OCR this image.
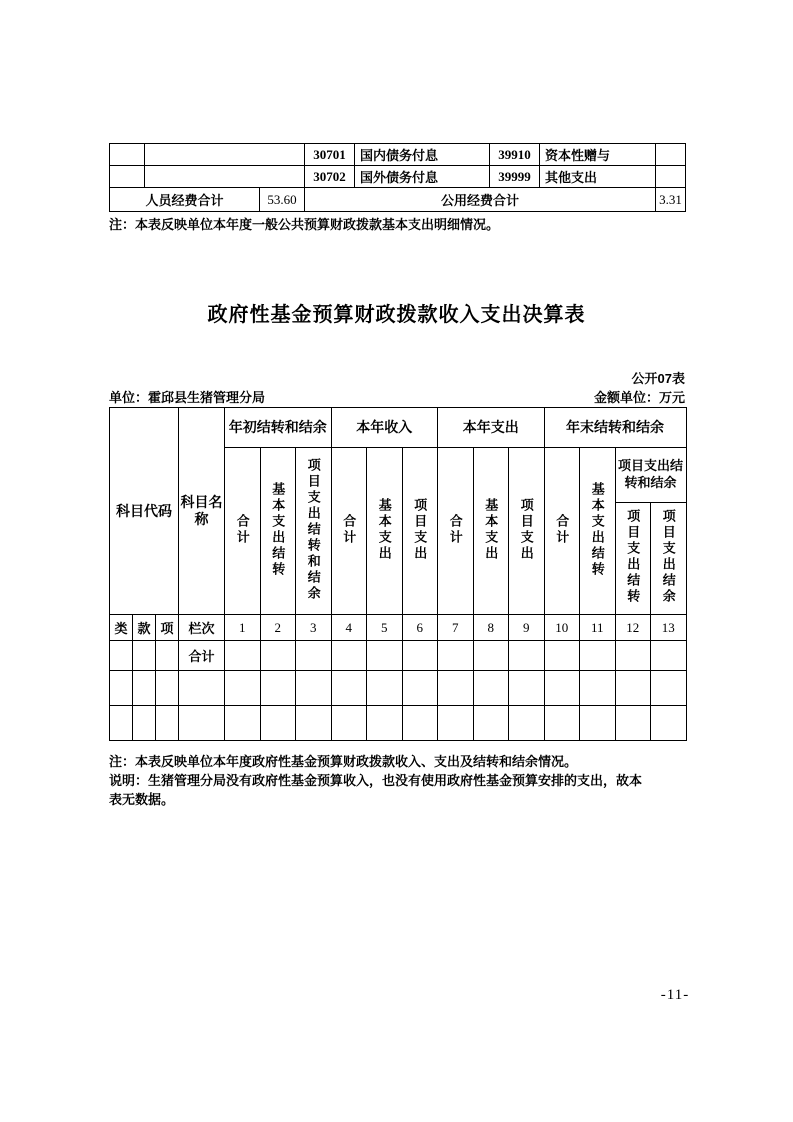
			30701	国内债务付息	39910	资本性赠与	
			30702	国外债务付息	39999	其他支出	
人员经费合计		53.60	公用经费合计				3.31
注：本表反映单位本年度一般公共预算财政拨款基本支出明细情况。
政府性基金预算财政拨款收入支出决算表
公开07表
单位：霍邱县生猪管理分局	金额单位：万元
科目代码			科目名称	年初结转和结余			本年收入			本年支出			年末结转和结余			
				合计	基本支出结转	项目支出结转和结余	合计	基本支出	项目支出	合计	基本支出	项目支出	合计	基本支出结转	项目支出结转和结余	
															项目支出结转	项目支出结余
类	款	项	栏次	1	2	3	4	5	6	7	8	9	10	11	12	13
			合计													

注：本表反映单位本年度政府性基金预算财政拨款收入、支出及结转和结余情况。
说明：生猪管理分局没有政府性基金预算收入，也没有使用政府性基金预算安排的支出，故本表无数据。
-11-
